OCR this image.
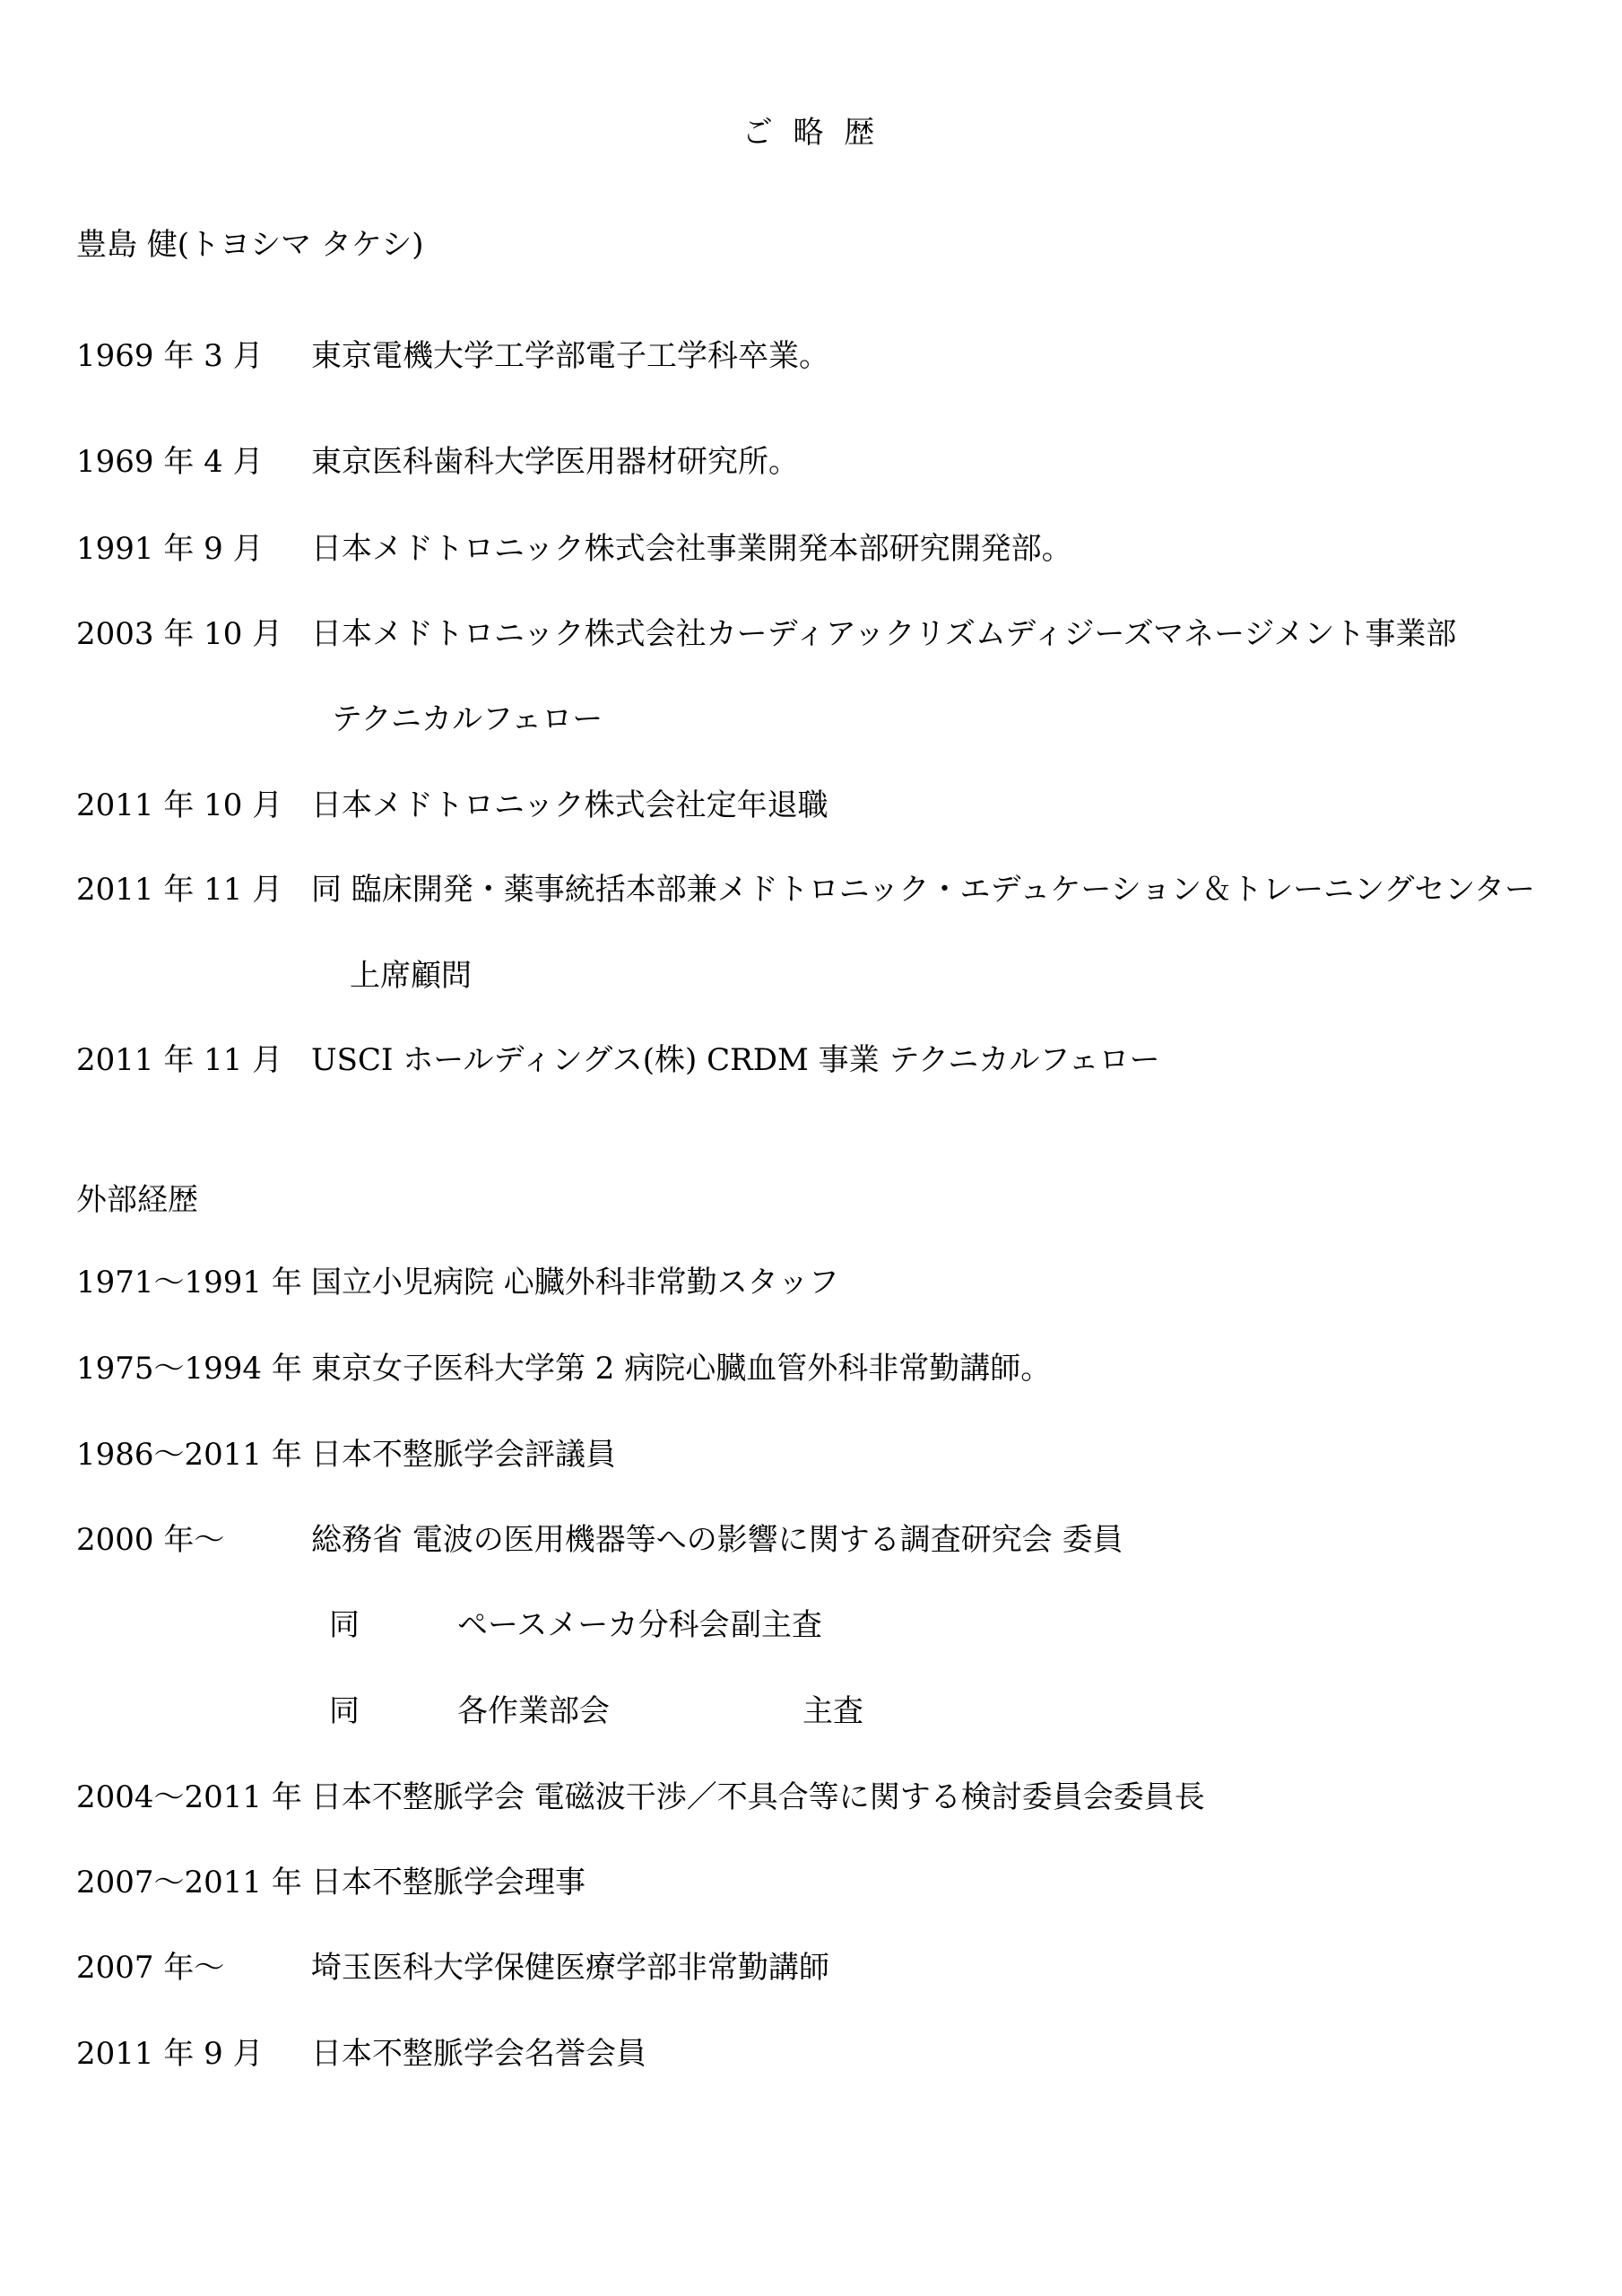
ご 略 歴
豊島 健(トヨシマ タケシ)
1969 年 3 月 東京電機大学工学部電子工学科卒業。
1969 年 4 月 東京医科歯科大学医用器材研究所。
1991 年 9 月 日本メドトロニック株式会社事業開発本部研究開発部。
2003 年 10 月 日本メドトロニック株式会社カーディアックリズムディジーズマネージメント事業部
テクニカルフェロー
2011 年 10 月 日本メドトロニック株式会社定年退職
2011 年 11 月 同 臨床開発・薬事統括本部兼メドトロニック・エデュケーション＆トレーニングセンター
上席顧問
2011 年 11 月 USCI ホールディングス(株) CRDM 事業 テクニカルフェロー
外部経歴
1971～1991 年 国立小児病院 心臓外科非常勤スタッフ
1975～1994 年 東京女子医科大学第 2 病院心臓血管外科非常勤講師。
1986～2011 年 日本不整脈学会評議員
2000 年～	総務省 電波の医用機器等への影響に関する調査研究会 委員
同	ペースメーカ分科会 副主査
同	各作業部会	主査
2004～2011 年 日本不整脈学会 電磁波干渉／不具合等に関する検討委員会委員長
2007～2011 年 日本不整脈学会理事
2007 年～	埼玉医科大学保健医療学部非常勤講師
2011 年 9 月 日本不整脈学会名誉会員
